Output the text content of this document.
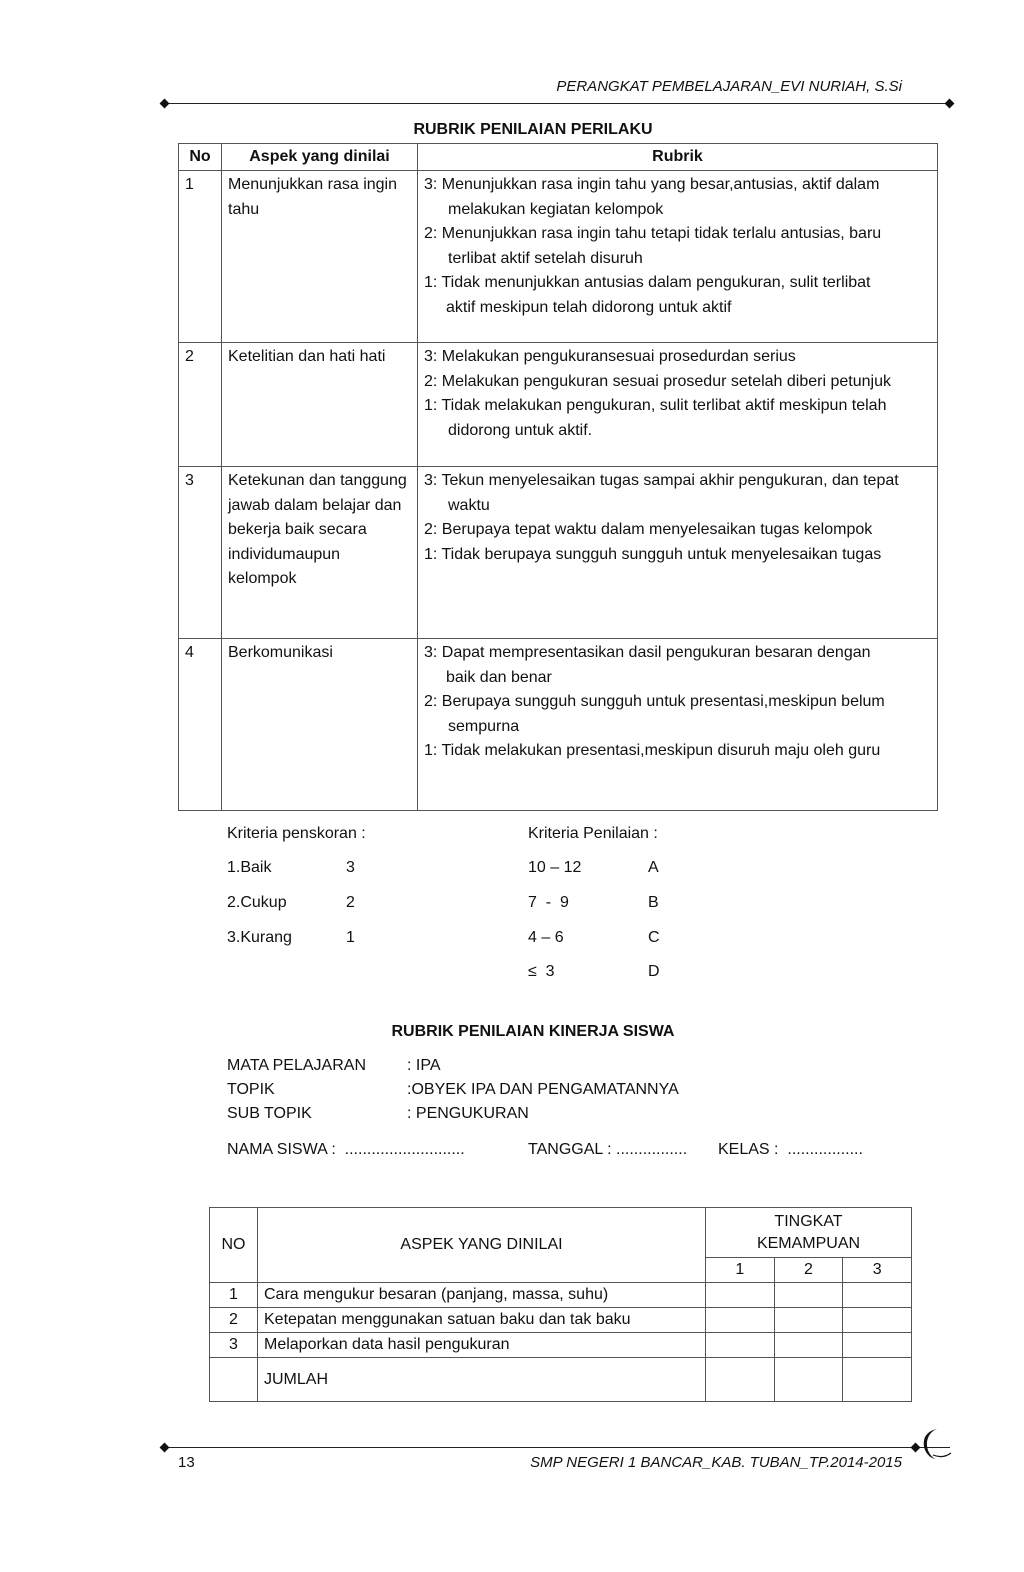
PERANGKAT PEMBELAJARAN_EVI NURIAH, S.Si
RUBRIK PENILAIAN PERILAKU
No	Aspek yang dinilai	Rubrik
1	Menunjukkan rasa ingin tahu	3: Menunjukkan rasa ingin tahu yang besar,antusias, aktif dalam melakukan kegiatan kelompok
2: Menunjukkan rasa ingin tahu tetapi tidak terlalu antusias, baru terlibat aktif setelah disuruh
1: Tidak menunjukkan antusias dalam pengukuran, sulit terlibat
aktif meskipun telah didorong untuk aktif

2	Ketelitian dan hati hati	3: Melakukan pengukuransesuai prosedurdan serius
2: Melakukan pengukuran sesuai prosedur setelah diberi petunjuk
1: Tidak melakukan pengukuran, sulit terlibat aktif meskipun telah didorong untuk aktif.

3	Ketekunan dan tanggung jawab dalam belajar dan bekerja baik secara individumaupun kelompok	3: Tekun menyelesaikan tugas sampai akhir pengukuran, dan tepat waktu
2: Berupaya tepat waktu dalam menyelesaikan tugas kelompok
1: Tidak berupaya sungguh sungguh untuk menyelesaikan tugas

4	Berkomunikasi	3: Dapat mempresentasikan dasil pengukuran besaran dengan
baik dan benar
2: Berupaya sungguh sungguh untuk presentasi,meskipun belum sempurna
1: Tidak melakukan presentasi,meskipun disuruh maju oleh guru
Kriteria penskoran :
1.Baik	3
2.Cukup	2
3.Kurang	1
Kriteria Penilaian :
10 – 12	A
7  -  9	B
4 – 6	C
≤  3	D
RUBRIK PENILAIAN KINERJA SISWA
MATA PELAJARAN	: IPA
TOPIK	:OBYEK IPA DAN PENGAMATANNYA
SUB TOPIK	: PENGUKURAN
NAMA SISWA :  ...........................	TANGGAL : ................ KELAS :  .................
NO	ASPEK YANG DINILAI	TINGKAT KEMAMPUAN		
		1	2	3
1	Cara mengukur besaran (panjang, massa, suhu)			
2	Ketepatan menggunakan satuan baku dan tak baku			
3	Melaporkan data hasil pengukuran			
	JUMLAH			
13	SMP NEGERI 1 BANCAR_KAB. TUBAN_TP.2014-2015
